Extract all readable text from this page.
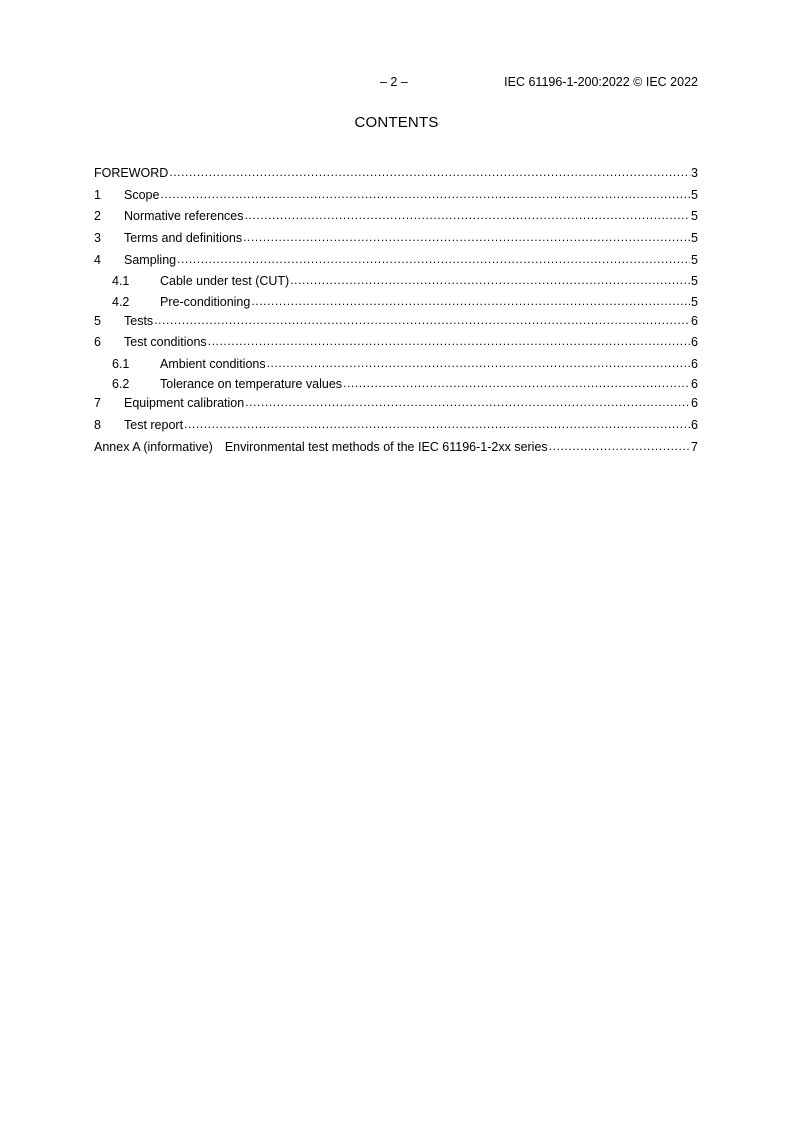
– 2 –	IEC 61196-1-200:2022 © IEC 2022
CONTENTS
FOREWORD .....	3
1	Scope .....	5
2	Normative references .....	5
3	Terms and definitions .....	5
4	Sampling .....	5
4.1	Cable under test (CUT) .....	5
4.2	Pre-conditioning .....	5
5	Tests .....	6
6	Test conditions .....	6
6.1	Ambient conditions .....	6
6.2	Tolerance on temperature values .....	6
7	Equipment calibration .....	6
8	Test report .....	6
Annex A (informative) Environmental test methods of the IEC 61196-1-2xx series .....	7
